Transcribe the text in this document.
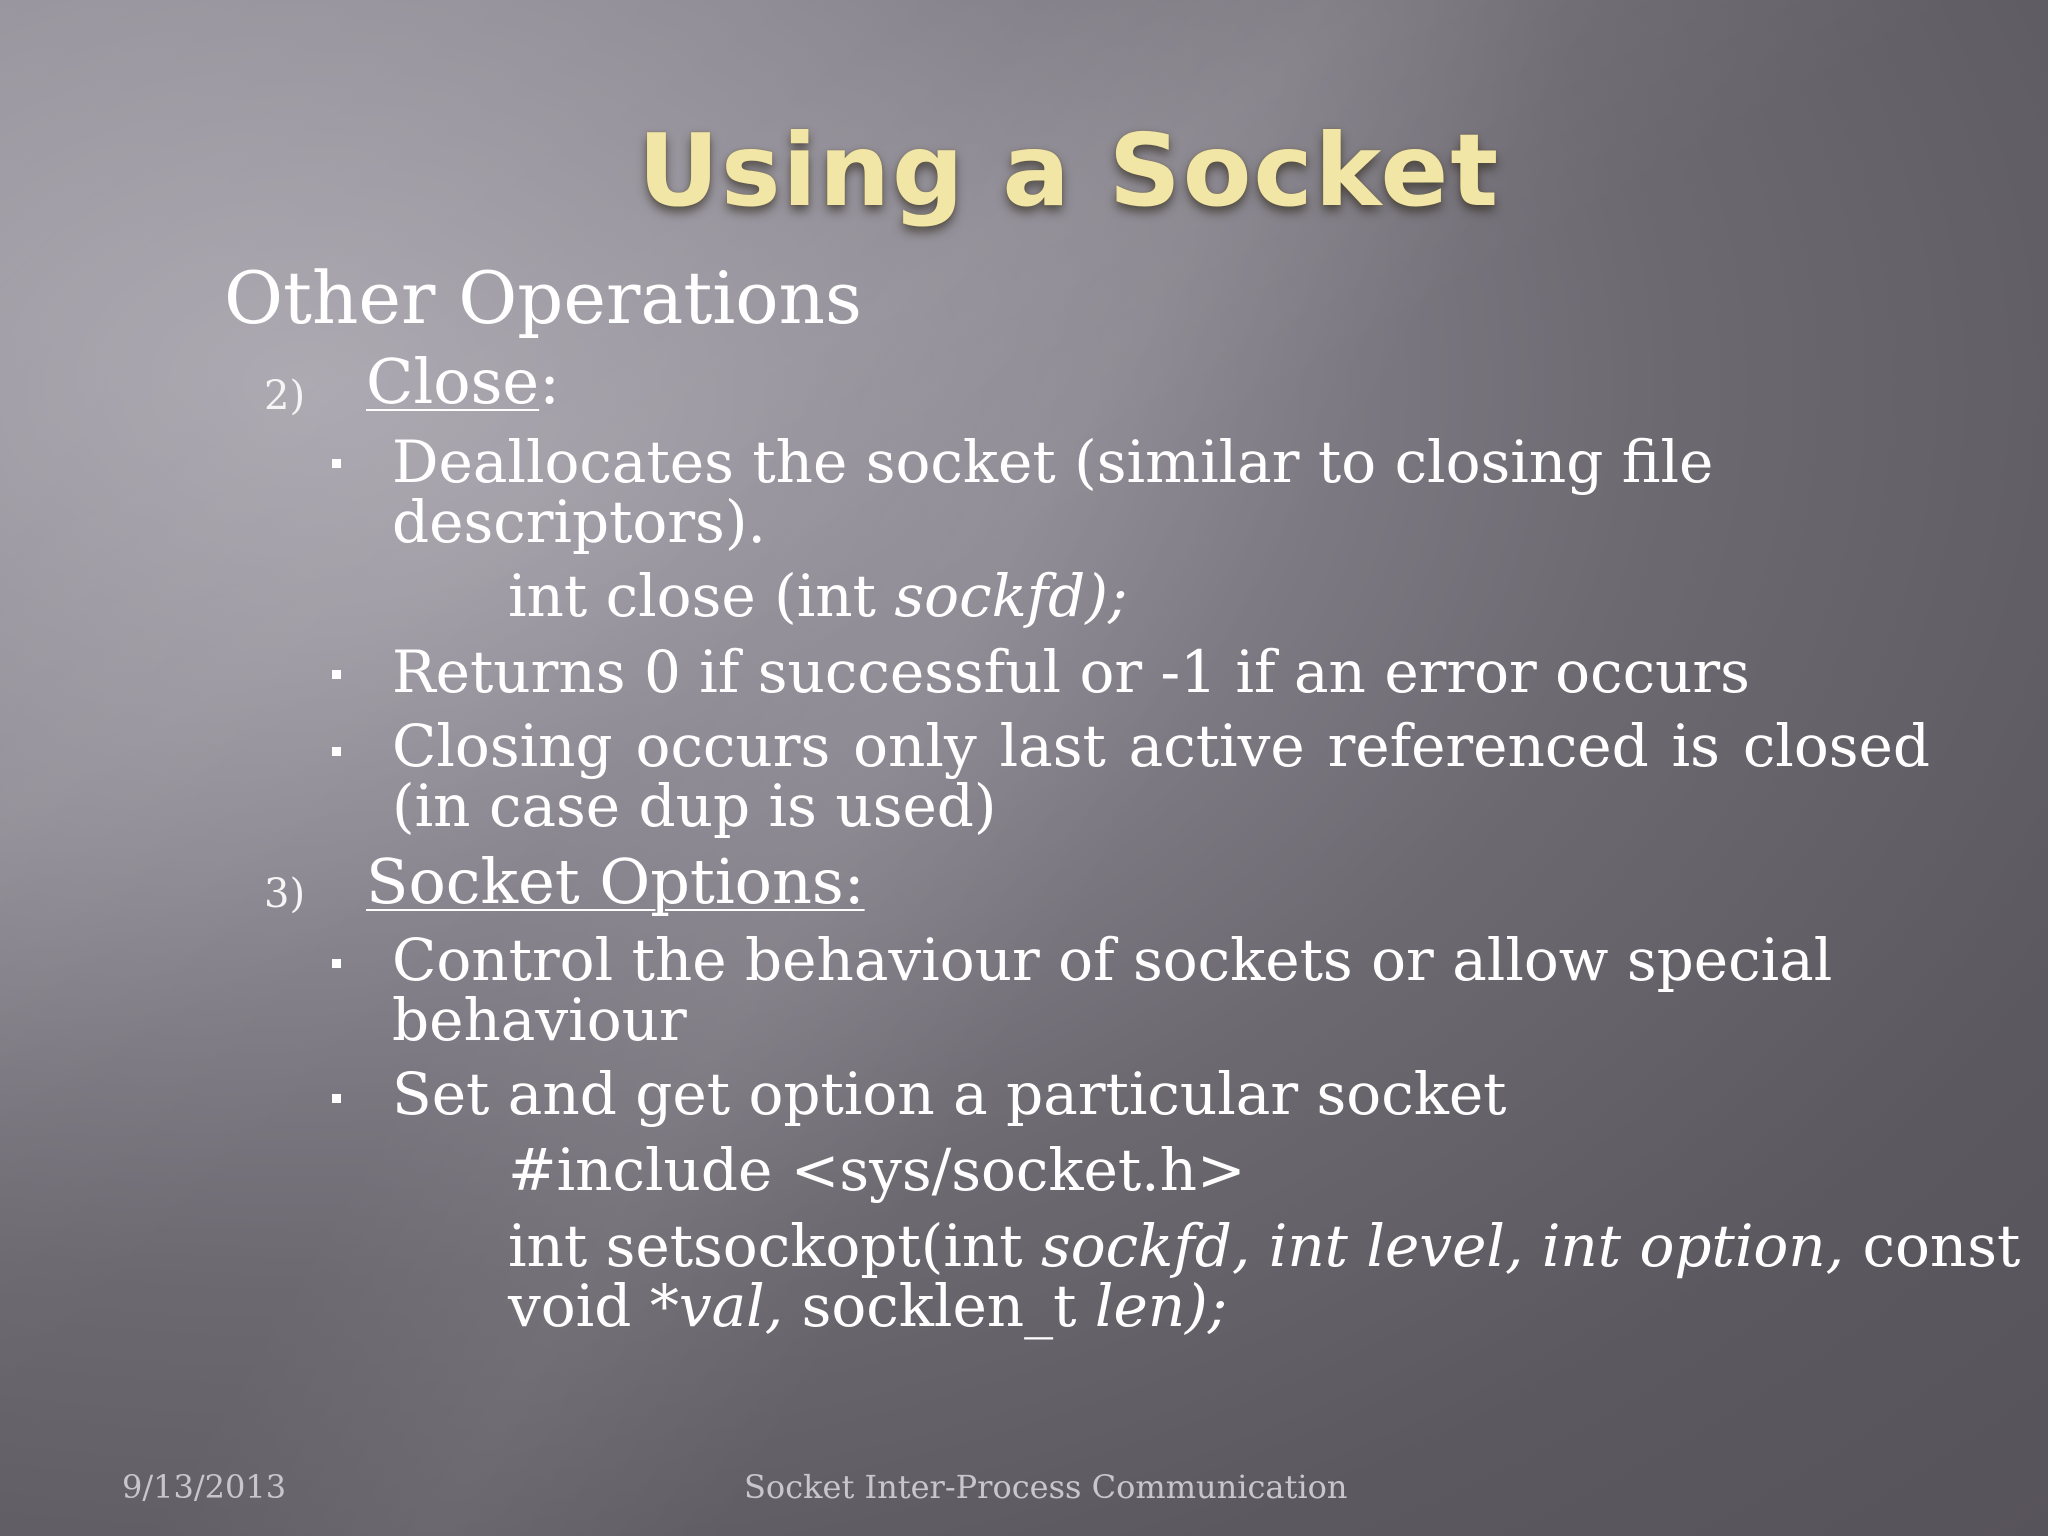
Using a Socket
Other Operations
2) Close:
Deallocates the socket (similar to closing file
descriptors).
int close (int sockfd);
Returns 0 if successful or -1 if an error occurs
Closing occurs only last active referenced is closed (in case dup is used)
3) Socket Options:
Control the behaviour of sockets or allow special
behaviour
Set and get option a particular socket
#include <sys/socket.h>
int setsockopt(int sockfd, int level, int option, const
void *val, socklen_t len);
9/13/2013	Socket Inter-Process Communication
